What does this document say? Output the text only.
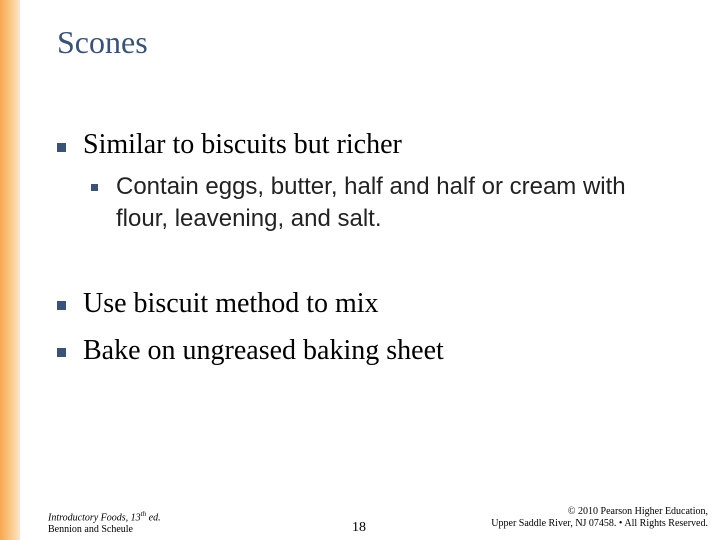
Scones
Similar to biscuits but richer
Contain eggs, butter, half and half or cream with
flour, leavening, and salt.
Use biscuit method to mix
Bake on ungreased baking sheet
Introductory Foods, 13th ed.
Bennion and Scheule	18
© 2010 Pearson Higher Education,
Upper Saddle River, NJ 07458. • All Rights Reserved.
